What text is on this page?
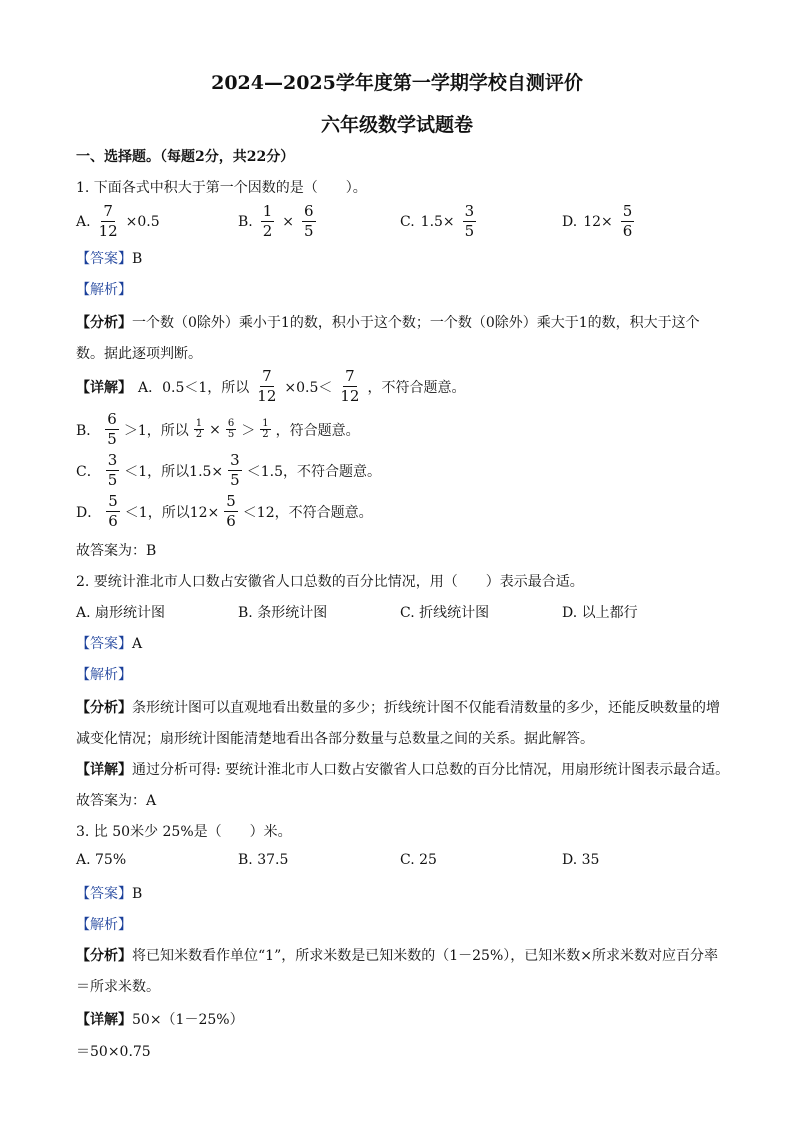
2024—2025学年度第一学期学校自测评价
六年级数学试题卷
一、选择题。（每题2分，共22分）
1. 下面各式中积大于第一个因数的是（　　）。
A. $\frac{7}{12} \times 0.5$	B. $\frac{1}{2} \times \frac{6}{5}$	C. $1.5\times \frac{3}{5}$	D. $12\times \frac{5}{6}$
【答案】B
【解析】
【分析】一个数（0除外）乘小于1的数，积小于这个数；一个数（0除外）乘大于1的数，积大于这个
数。据此逐项判断。
【详解】 A．0.5＜1，所以 $\frac{7}{12} \times 0.5< \frac{7}{12}$ ，不符合题意。
B． $\frac{6}{5} >1$，所以 $\frac{1}{2} \times \frac{6}{5} > \frac{1}{2}$ ，符合题意。
C． $\frac{3}{5} <1$，所以$1.5\times \frac{3}{5} <1.5$，不符合题意。
D． $\frac{5}{6} <1$，所以$12\times \frac{5}{6} <12$，不符合题意。
故答案为：B
2. 要统计淮北市人口数占安徽省人口总数的百分比情况，用（　　）表示最合适。
A. 扇形统计图	B. 条形统计图	C. 折线统计图	D. 以上都行
【答案】A
【解析】
【分析】条形统计图可以直观地看出数量的多少；折线统计图不仅能看清数量的多少，还能反映数量的增
减变化情况；扇形统计图能清楚地看出各部分数量与总数量之间的关系。据此解答。
【详解】通过分析可得: 要统计淮北市人口数占安徽省人口总数的百分比情况，用扇形统计图表示最合适。
故答案为：A
3. 比 50米少 25%是（　　）米。
A. 75%	B. 37.5	C. 25	D. 35
【答案】B
【解析】
【分析】将已知米数看作单位“1”，所求米数是已知米数的（1－25%），已知米数×所求米数对应百分率
＝所求米数。
【详解】50×（1－25%）
＝50×0.75
